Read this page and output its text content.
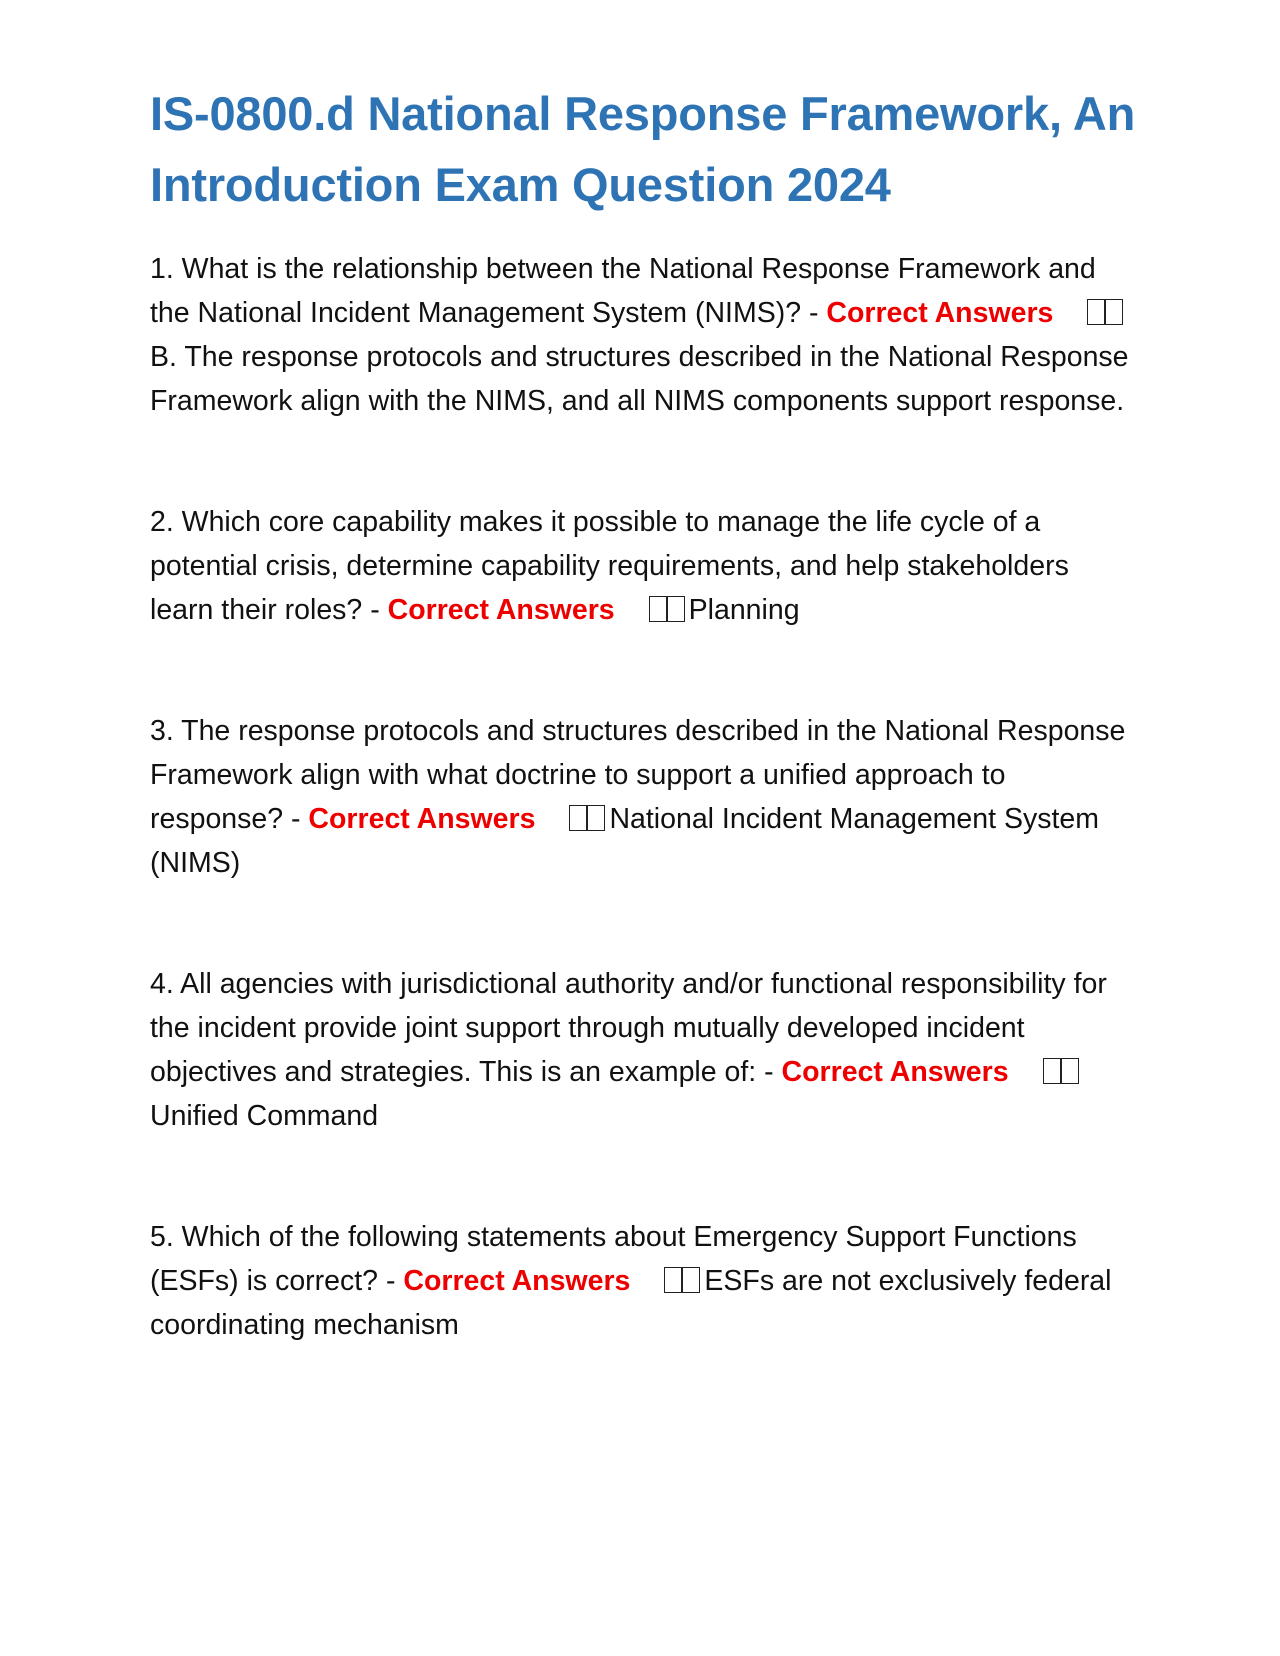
IS-0800.d National Response Framework, An Introduction Exam Question 2024

1. What is the relationship between the National Response Framework and the National Incident Management System (NIMS)? - Correct Answers
B. The response protocols and structures described in the National Response Framework align with the NIMS, and all NIMS components support response.

2. Which core capability makes it possible to manage the life cycle of a potential crisis, determine capability requirements, and help stakeholders learn their roles? - Correct Answers	Planning

3. The response protocols and structures described in the National Response Framework align with what doctrine to support a unified approach to response? - Correct Answers	National Incident Management System (NIMS)

4. All agencies with jurisdictional authority and/or functional responsibility for the incident provide joint support through mutually developed incident objectives and strategies. This is an example of: - Correct Answers
Unified Command

5. Which of the following statements about Emergency Support Functions (ESFs) is correct? - Correct Answers	ESFs are not exclusively federal coordinating mechanism
